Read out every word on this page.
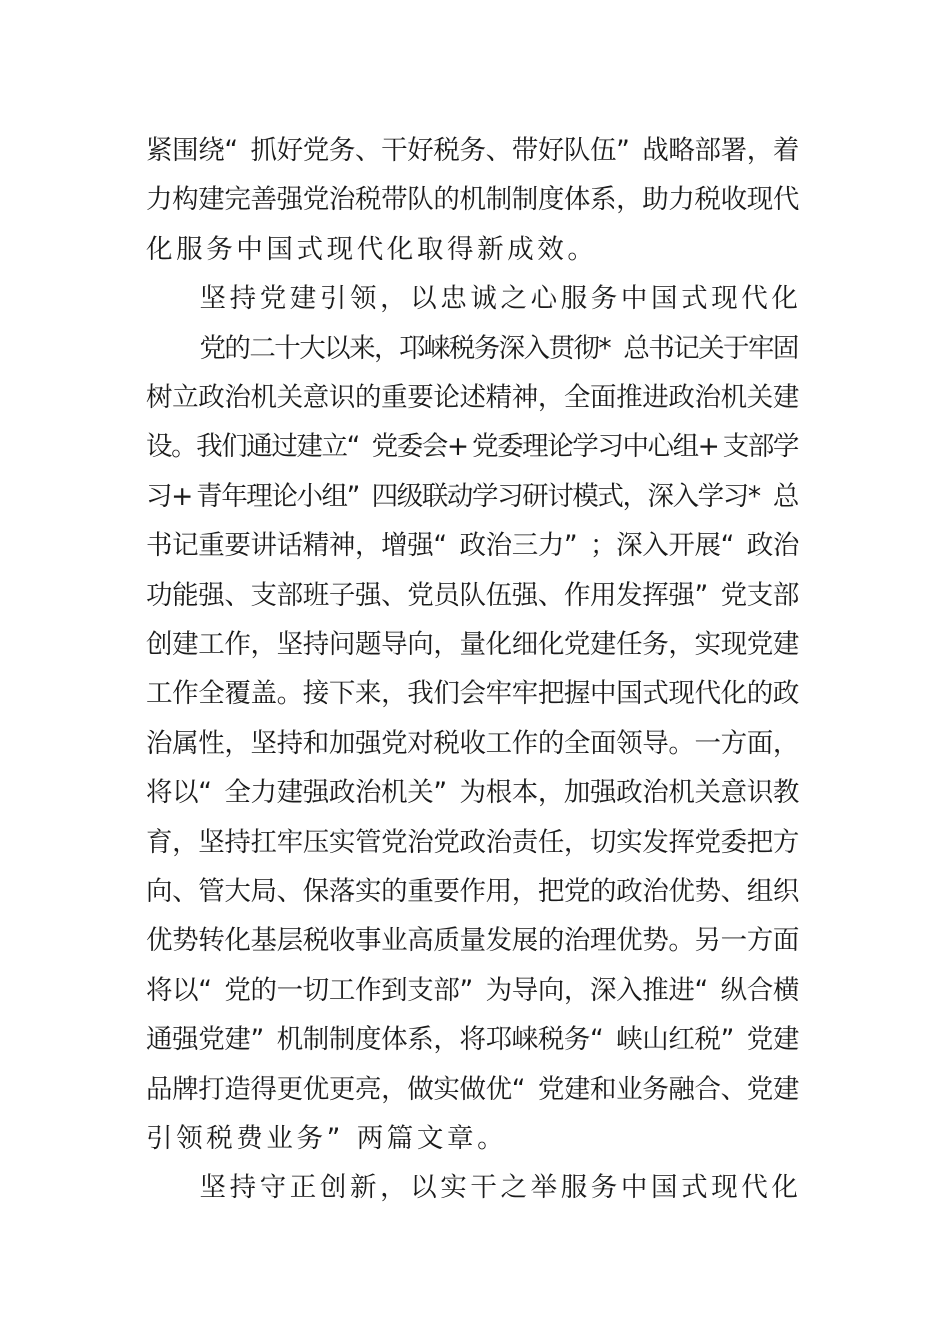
紧 围 绕 “ 抓 好 党 务 、 干 好 税 务 、 带 好 队 伍 ” 战 略 部 署 ， 着
力 构 建 完 善 强 党 治 税 带 队 的 机 制 制 度 体 系 ， 助 力 税 收 现 代
化 服 务 中 国 式 现 代 化 取 得 新 成 效 。
坚 持 党 建 引 领 ， 以 忠 诚 之 心 服 务 中 国 式 现 代 化
党
的
二
十
大
以
来
，
邛
崃
税
务
深
入
贯
彻
* 总
书
记
关
于
牢
固
树 立 政 治 机 关 意 识 的 重 要 论 述 精 神 ， 全 面 推 进 政 治 机 关 建
设
。
我
们
通
过
建
立
“ 党
委
会
+ 党
委
理
论
学
习
中
心
组
+ 支
部
学
习
+ 青
年
理
论
小
组
” 四
级
联
动
学
习
研
讨
模
式
，
深
入
学
习
* 总
书 记 重 要 讲 话 精 神 ， 增 强 “ 政 治 三 力 ” ； 深 入 开 展 “ 政 治
功 能 强 、 支 部 班 子 强 、 党 员 队 伍 强 、 作 用 发 挥 强 ” 党 支 部
创 建 工 作 ， 坚 持 问 题 导 向 ， 量 化 细 化 党 建 任 务 ， 实 现 党 建
工 作 全 覆 盖 。 接 下 来 ， 我 们 会 牢 牢 把 握 中 国 式 现 代 化 的 政
治 属 性 ， 坚 持 和 加 强 党 对 税 收 工 作 的 全 面 领 导 。 一 方 面 ，
将 以 “ 全 力 建 强 政 治 机 关 ” 为 根 本 ， 加 强 政 治 机 关 意 识 教
育 ， 坚 持 扛 牢 压 实 管 党 治 党 政 治 责 任 ， 切 实 发 挥 党 委 把 方
向 、 管 大 局 、 保 落 实 的 重 要 作 用 ， 把 党 的 政 治 优 势 、 组 织
优 势 转 化 基 层 税 收 事 业 高 质 量 发 展 的 治 理 优 势 。 另 一 方 面
将 以 “ 党 的 一 切 工 作 到 支 部 ” 为 导 向 ， 深 入 推 进 “ 纵 合 横
通 强 党 建 ” 机 制 制 度 体 系 ， 将 邛 崃 税 务 “ 峡 山 红 税 ” 党 建
品 牌 打 造 得 更 优 更 亮 ， 做 实 做 优 “ 党 建 和 业 务 融 合 、 党 建
引 领 税 费 业 务 ” 两 篇 文 章 。
坚 持 守 正 创 新 ， 以 实 干 之 举 服 务 中 国 式 现 代 化
